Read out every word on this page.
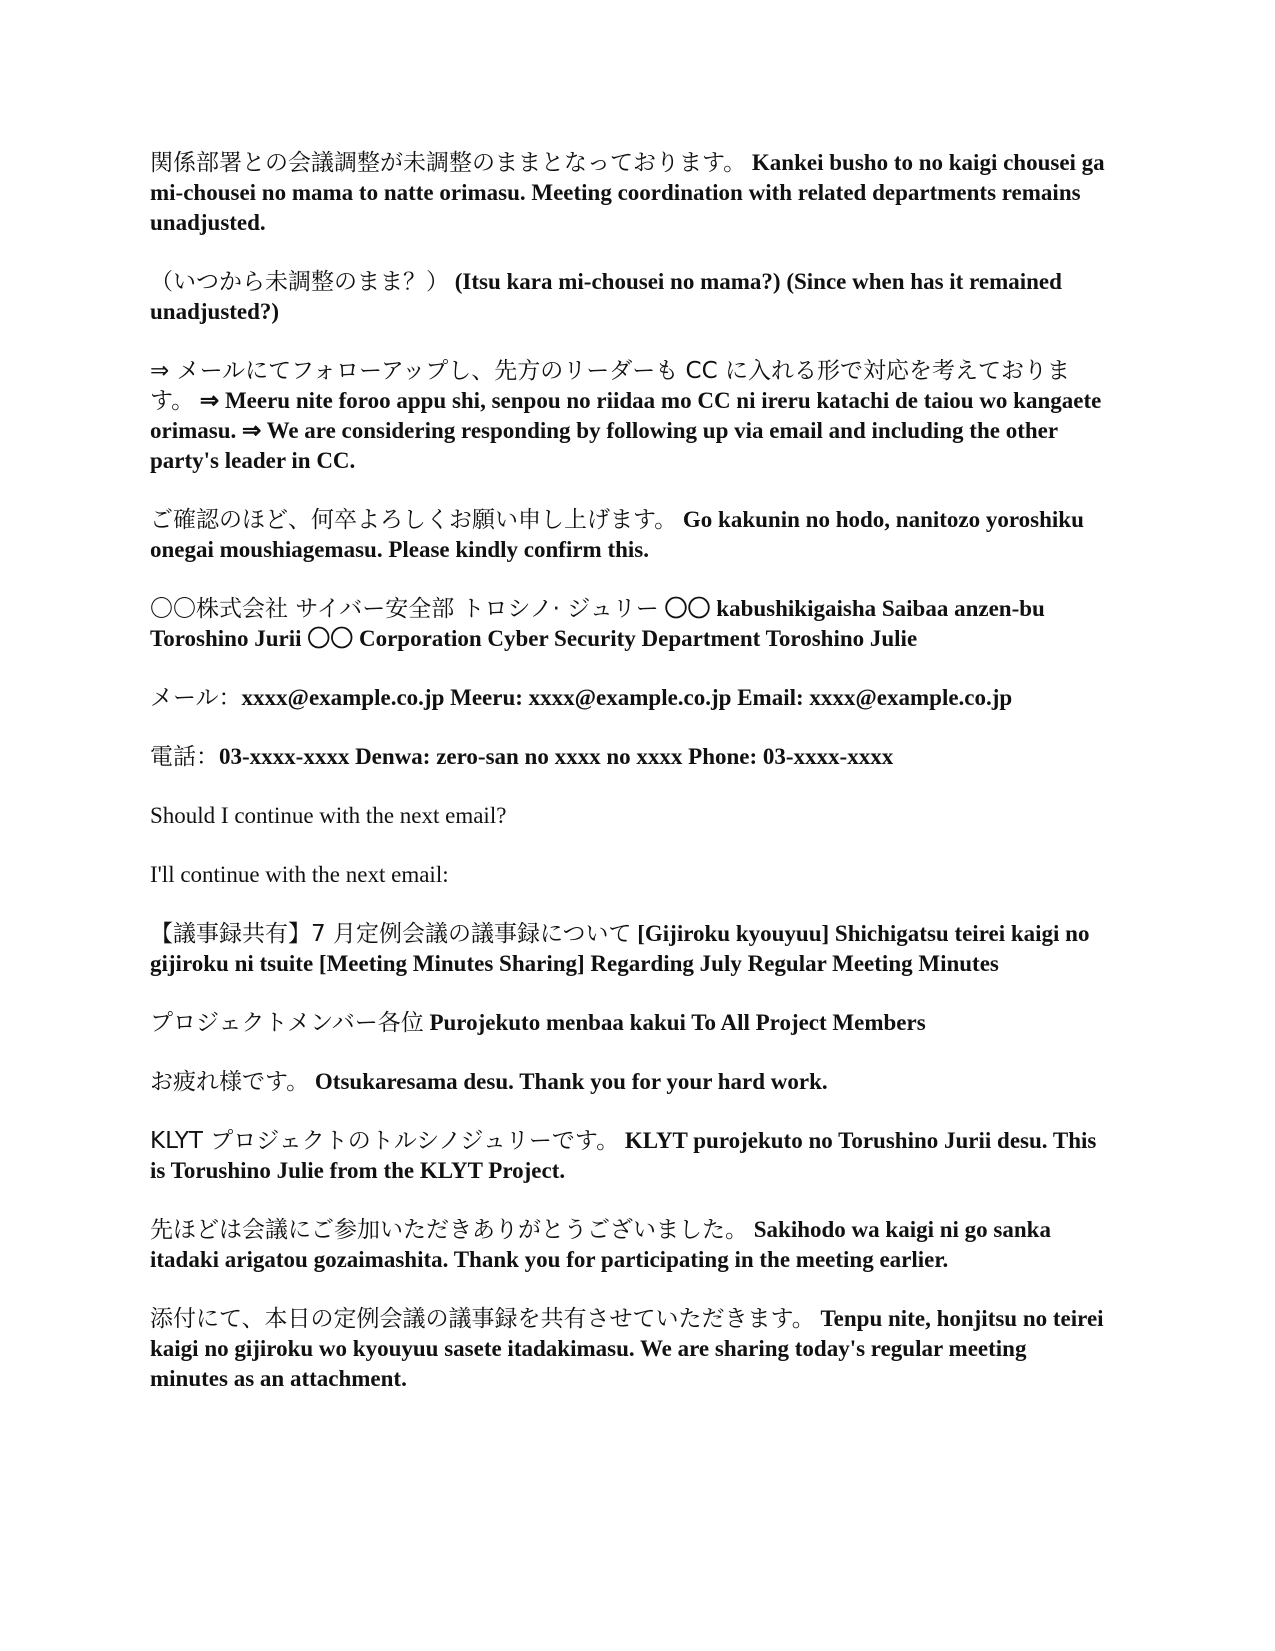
関係部署との会議調整が未調整のままとなっております。 Kankei busho to no kaigi chousei ga mi-chousei no mama to natte orimasu. Meeting coordination with related departments remains unadjusted.

（いつから未調整のまま？） (Itsu kara mi-chousei no mama?) (Since when has it remained unadjusted?)

⇒ メールにてフォローアップし、先方のリーダーも CC に入れる形で対応を考えております。 ⇒ Meeru nite foroo appu shi, senpou no riidaa mo CC ni ireru katachi de taiou wo kangaete orimasu. ⇒ We are considering responding by following up via email and including the other party's leader in CC.

ご確認のほど、何卒よろしくお願い申し上げます。 Go kakunin no hodo, nanitozo yoroshiku onegai moushiagemasu. Please kindly confirm this.

〇〇株式会社 サイバー安全部 トロシノ· ジュリー 〇〇 kabushikigaisha Saibaa anzen-bu Toroshino Jurii 〇〇 Corporation Cyber Security Department Toroshino Julie

メール：xxxx@example.co.jp Meeru: xxxx@example.co.jp Email: xxxx@example.co.jp

電話：03-xxxx-xxxx Denwa: zero-san no xxxx no xxxx Phone: 03-xxxx-xxxx

Should I continue with the next email?

I'll continue with the next email:

【議事録共有】7 月定例会議の議事録について [Gijiroku kyouyuu] Shichigatsu teirei kaigi no gijiroku ni tsuite [Meeting Minutes Sharing] Regarding July Regular Meeting Minutes

プロジェクトメンバー各位 Purojekuto menbaa kakui To All Project Members

お疲れ様です。 Otsukaresama desu. Thank you for your hard work.

KLYT プロジェクトのトルシノジュリーです。 KLYT purojekuto no Torushino Jurii desu. This is Torushino Julie from the KLYT Project.

先ほどは会議にご参加いただきありがとうございました。 Sakihodo wa kaigi ni go sanka itadaki arigatou gozaimashita. Thank you for participating in the meeting earlier.

添付にて、本日の定例会議の議事録を共有させていただきます。 Tenpu nite, honjitsu no teirei kaigi no gijiroku wo kyouyuu sasete itadakimasu. We are sharing today's regular meeting minutes as an attachment.
